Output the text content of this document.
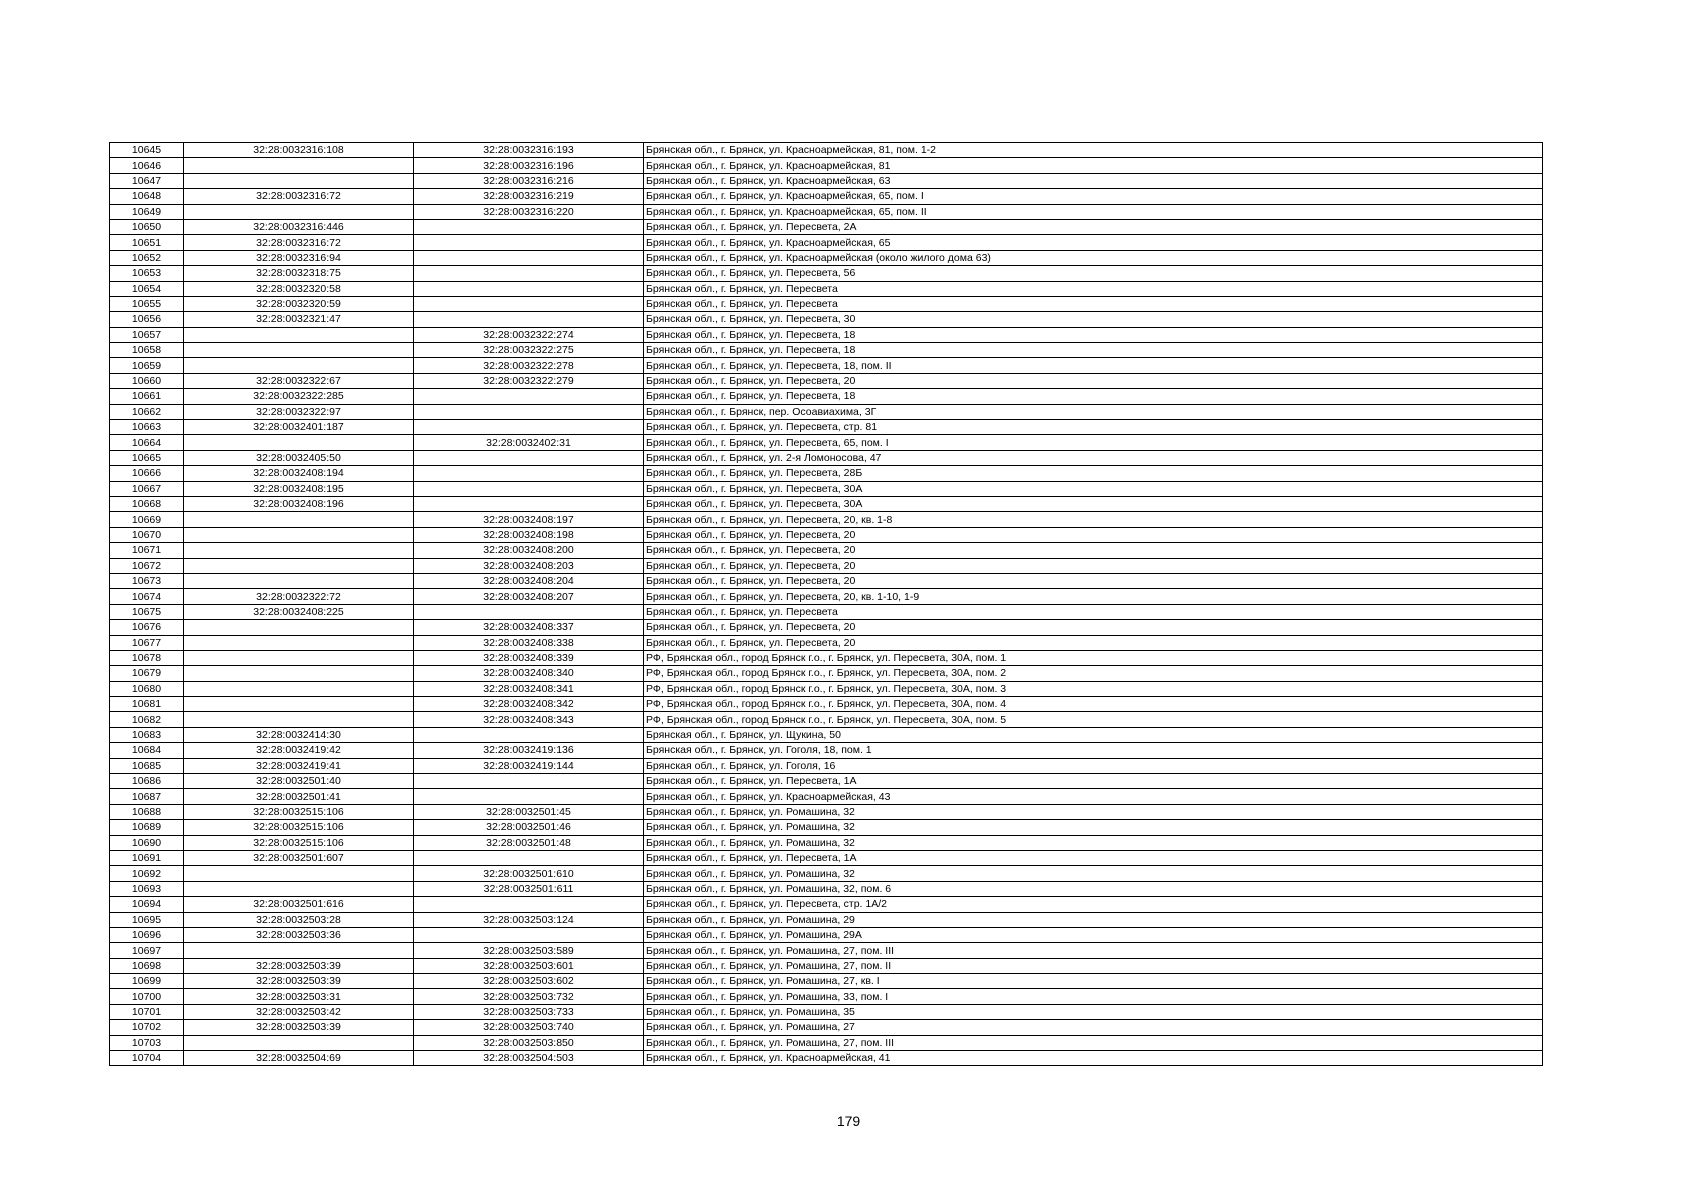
10645	32:28:0032316:108	32:28:0032316:193	Брянская обл., г. Брянск, ул. Красноармейская, 81, пом. 1-2
10646		32:28:0032316:196	Брянская обл., г. Брянск, ул. Красноармейская, 81
10647		32:28:0032316:216	Брянская обл., г. Брянск, ул. Красноармейская, 63
10648	32:28:0032316:72	32:28:0032316:219	Брянская обл., г. Брянск, ул. Красноармейская, 65, пом. I
10649		32:28:0032316:220	Брянская обл., г. Брянск, ул. Красноармейская, 65, пом. II
10650	32:28:0032316:446		Брянская обл., г. Брянск, ул. Пересвета, 2А
10651	32:28:0032316:72		Брянская обл., г. Брянск, ул. Красноармейская, 65
10652	32:28:0032316:94		Брянская обл., г. Брянск, ул. Красноармейская (около жилого дома 63)
10653	32:28:0032318:75		Брянская обл., г. Брянск, ул. Пересвета, 56
10654	32:28:0032320:58		Брянская обл., г. Брянск, ул. Пересвета
10655	32:28:0032320:59		Брянская обл., г. Брянск, ул. Пересвета
10656	32:28:0032321:47		Брянская обл., г. Брянск, ул. Пересвета, 30
10657		32:28:0032322:274	Брянская обл., г. Брянск, ул. Пересвета, 18
10658		32:28:0032322:275	Брянская обл., г. Брянск, ул. Пересвета, 18
10659		32:28:0032322:278	Брянская обл., г. Брянск, ул. Пересвета, 18, пом. II
10660	32:28:0032322:67	32:28:0032322:279	Брянская обл., г. Брянск, ул. Пересвета, 20
10661	32:28:0032322:285		Брянская обл., г. Брянск, ул. Пересвета, 18
10662	32:28:0032322:97		Брянская обл., г. Брянск, пер. Осоавиахима, 3Г
10663	32:28:0032401:187		Брянская обл., г. Брянск, ул. Пересвета, стр. 81
10664		32:28:0032402:31	Брянская обл., г. Брянск, ул. Пересвета, 65, пом. I
10665	32:28:0032405:50		Брянская обл., г. Брянск, ул. 2-я Ломоносова, 47
10666	32:28:0032408:194		Брянская обл., г. Брянск, ул. Пересвета, 28Б
10667	32:28:0032408:195		Брянская обл., г. Брянск, ул. Пересвета, 30А
10668	32:28:0032408:196		Брянская обл., г. Брянск, ул. Пересвета, 30А
10669		32:28:0032408:197	Брянская обл., г. Брянск, ул. Пересвета, 20, кв. 1-8
10670		32:28:0032408:198	Брянская обл., г. Брянск, ул. Пересвета, 20
10671		32:28:0032408:200	Брянская обл., г. Брянск, ул. Пересвета, 20
10672		32:28:0032408:203	Брянская обл., г. Брянск, ул. Пересвета, 20
10673		32:28:0032408:204	Брянская обл., г. Брянск, ул. Пересвета, 20
10674	32:28:0032322:72	32:28:0032408:207	Брянская обл., г. Брянск, ул. Пересвета, 20, кв. 1-10, 1-9
10675	32:28:0032408:225		Брянская обл., г. Брянск, ул. Пересвета
10676		32:28:0032408:337	Брянская обл., г. Брянск, ул. Пересвета, 20
10677		32:28:0032408:338	Брянская обл., г. Брянск, ул. Пересвета, 20
10678		32:28:0032408:339	РФ, Брянская обл., город Брянск г.о., г. Брянск, ул. Пересвета, 30А, пом. 1
10679		32:28:0032408:340	РФ, Брянская обл., город Брянск г.о., г. Брянск, ул. Пересвета, 30А, пом. 2
10680		32:28:0032408:341	РФ, Брянская обл., город Брянск г.о., г. Брянск, ул. Пересвета, 30А, пом. 3
10681		32:28:0032408:342	РФ, Брянская обл., город Брянск г.о., г. Брянск, ул. Пересвета, 30А, пом. 4
10682		32:28:0032408:343	РФ, Брянская обл., город Брянск г.о., г. Брянск, ул. Пересвета, 30А, пом. 5
10683	32:28:0032414:30		Брянская обл., г. Брянск, ул. Щукина, 50
10684	32:28:0032419:42	32:28:0032419:136	Брянская обл., г. Брянск, ул. Гоголя, 18, пом. 1
10685	32:28:0032419:41	32:28:0032419:144	Брянская обл., г. Брянск, ул. Гоголя, 16
10686	32:28:0032501:40		Брянская обл., г. Брянск, ул. Пересвета, 1А
10687	32:28:0032501:41		Брянская обл., г. Брянск, ул. Красноармейская, 43
10688	32:28:0032515:106	32:28:0032501:45	Брянская обл., г. Брянск, ул. Ромашина, 32
10689	32:28:0032515:106	32:28:0032501:46	Брянская обл., г. Брянск, ул. Ромашина, 32
10690	32:28:0032515:106	32:28:0032501:48	Брянская обл., г. Брянск, ул. Ромашина, 32
10691	32:28:0032501:607		Брянская обл., г. Брянск, ул. Пересвета, 1А
10692		32:28:0032501:610	Брянская обл., г. Брянск, ул. Ромашина, 32
10693		32:28:0032501:611	Брянская обл., г. Брянск, ул. Ромашина, 32, пом. 6
10694	32:28:0032501:616		Брянская обл., г. Брянск, ул. Пересвета, стр. 1А/2
10695	32:28:0032503:28	32:28:0032503:124	Брянская обл., г. Брянск, ул. Ромашина, 29
10696	32:28:0032503:36		Брянская обл., г. Брянск, ул. Ромашина, 29А
10697		32:28:0032503:589	Брянская обл., г. Брянск, ул. Ромашина, 27, пом. III
10698	32:28:0032503:39	32:28:0032503:601	Брянская обл., г. Брянск, ул. Ромашина, 27, пом. II
10699	32:28:0032503:39	32:28:0032503:602	Брянская обл., г. Брянск, ул. Ромашина, 27, кв. I
10700	32:28:0032503:31	32:28:0032503:732	Брянская обл., г. Брянск, ул. Ромашина, 33, пом. I
10701	32:28:0032503:42	32:28:0032503:733	Брянская обл., г. Брянск, ул. Ромашина, 35
10702	32:28:0032503:39	32:28:0032503:740	Брянская обл., г. Брянск, ул. Ромашина, 27
10703		32:28:0032503:850	Брянская обл., г. Брянск, ул. Ромашина, 27, пом. III
10704	32:28:0032504:69	32:28:0032504:503	Брянская обл., г. Брянск, ул. Красноармейская, 41
179
